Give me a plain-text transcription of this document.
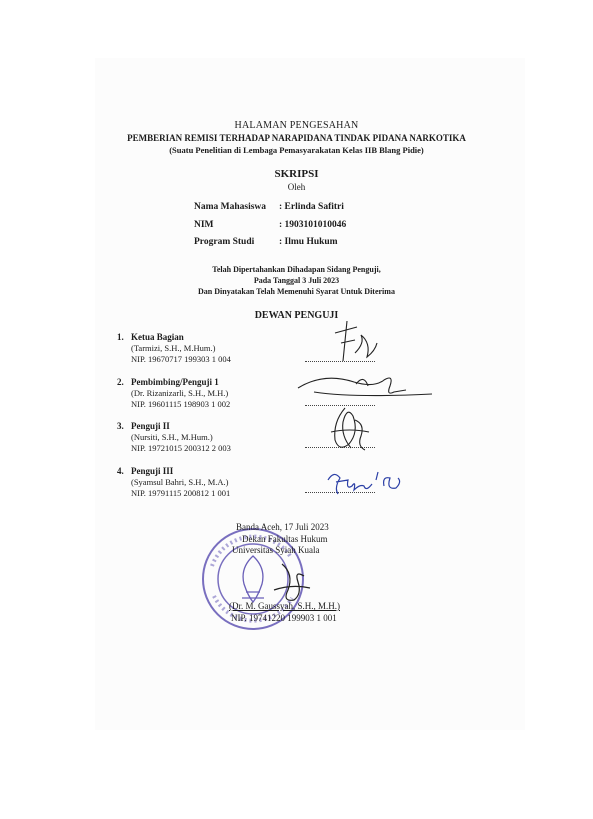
HALAMAN PENGESAHAN
PEMBERIAN REMISI TERHADAP NARAPIDANA TINDAK PIDANA NARKOTIKA
(Suatu Penelitian di Lembaga Pemasyarakatan Kelas IIB Blang Pidie)
SKRIPSI
Oleh
Nama Mahasiswa : Erlinda Safitri
NIM	: 1903101010046
Program Studi	: Ilmu Hukum
Telah Dipertahankan Dihadapan Sidang Penguji,
Pada Tanggal 3 Juli 2023
Dan Dinyatakan Telah Memenuhi Syarat Untuk Diterima
DEWAN PENGUJI
1. Ketua Bagian
(Tarmizi, S.H., M.Hum.)
NIP. 19670717 199303 1 004
2. Pembimbing/Penguji 1
(Dr. Rizanizarli, S.H., M.H.)
NIP. 19601115 198903 1 002
3. Penguji II
(Nursiti, S.H., M.Hum.)
NIP. 19721015 200312 2 003
4. Penguji III
(Syamsul Bahri, S.H., M.A.)
NIP. 19791115 200812 1 001
Banda Aceh, 17 Juli 2023
Dekan Fakultas Hukum
Universitas Syiah Kuala
(Dr. M. Gaussyah, S.H., M.H.)
NIP. 19741220 199903 1 001
